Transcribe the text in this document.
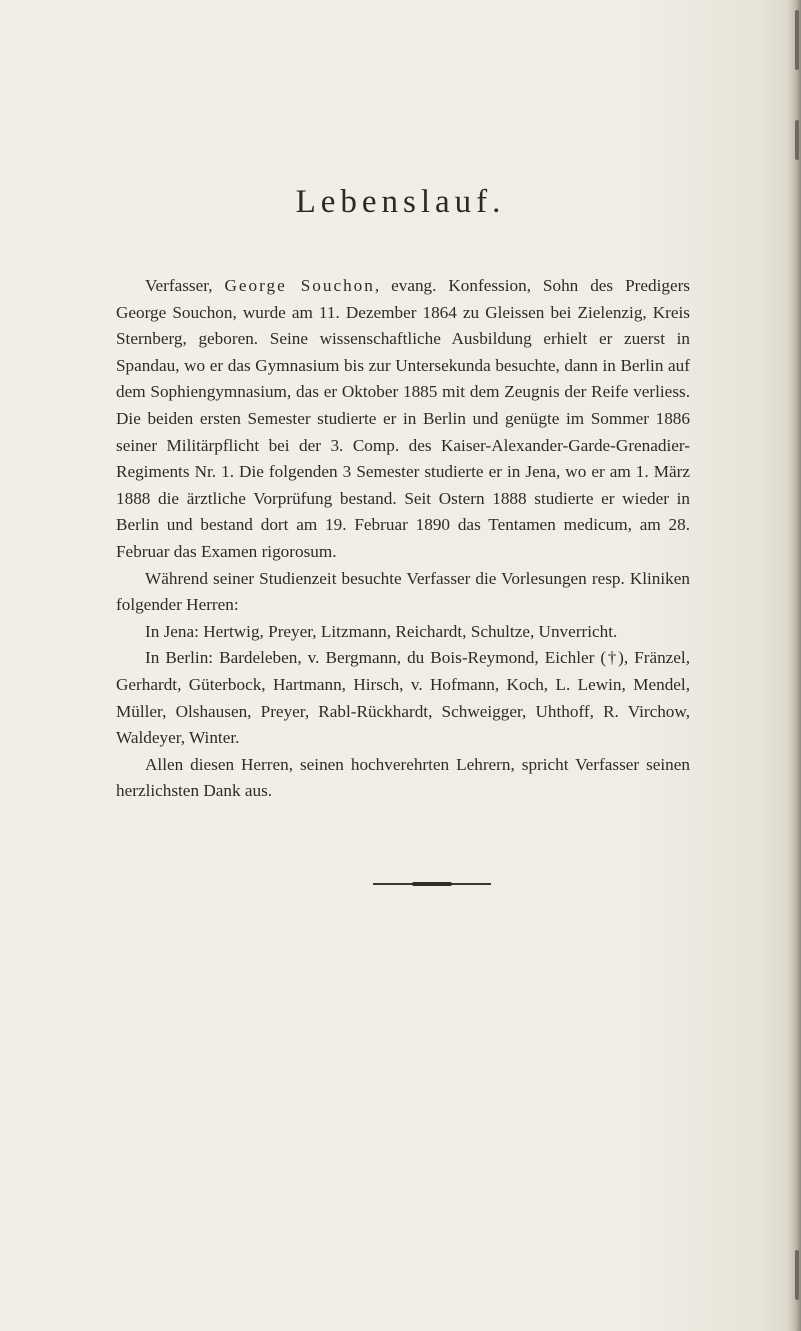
Lebenslauf.

Verfasser, George Souchon, evang. Konfession, Sohn des Predigers George Souchon, wurde am 11. Dezember 1864 zu Gleissen bei Zielenzig, Kreis Sternberg, geboren. Seine wissenschaftliche Ausbildung erhielt er zuerst in Spandau, wo er das Gymnasium bis zur Untersekunda besuchte, dann in Berlin auf dem Sophiengymnasium, das er Oktober 1885 mit dem Zeugnis der Reife verliess. Die beiden ersten Semester studierte er in Berlin und genügte im Sommer 1886 seiner Militärpflicht bei der 3. Comp. des Kaiser-Alexander-Garde-Grenadier-Regiments Nr. 1. Die folgenden 3 Semester studierte er in Jena, wo er am 1. März 1888 die ärztliche Vorprüfung bestand. Seit Ostern 1888 studierte er wieder in Berlin und bestand dort am 19. Februar 1890 das Tentamen medicum, am 28. Februar das Examen rigorosum.

Während seiner Studienzeit besuchte Verfasser die Vorlesungen resp. Kliniken folgender Herren:

In Jena: Hertwig, Preyer, Litzmann, Reichardt, Schultze, Unverricht.

In Berlin: Bardeleben, v. Bergmann, du Bois-Reymond, Eichler (†), Fränzel, Gerhardt, Güterbock, Hartmann, Hirsch, v. Hofmann, Koch, L. Lewin, Mendel, Müller, Olshausen, Preyer, Rabl-Rückhardt, Schweigger, Uhthoff, R. Virchow, Waldeyer, Winter.

Allen diesen Herren, seinen hochverehrten Lehrern, spricht Verfasser seinen herzlichsten Dank aus.
